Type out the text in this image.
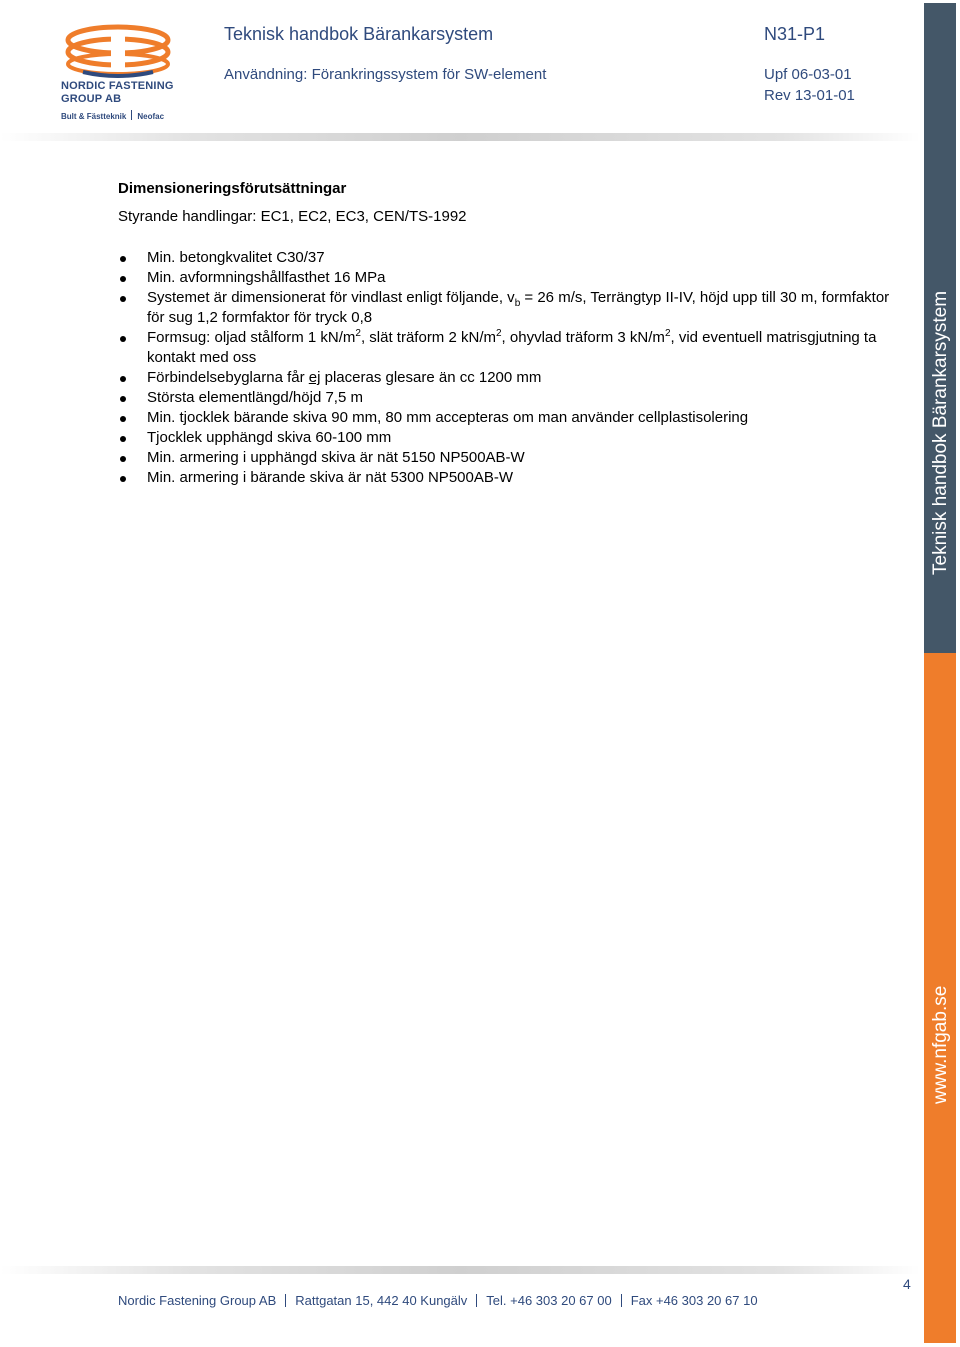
NORDIC FASTENING
GROUP AB
Bult & Fästteknik Neofac
Teknisk handbok Bärankarsystem	N31-P1
Användning: Förankringssystem för SW-element	Upf 06-03-01
Rev 13-01-01
Dimensioneringsförutsättningar
Styrande handlingar: EC1, EC2, EC3, CEN/TS-1992
Min. betongkvalitet C30/37
Min. avformningshållfasthet 16 MPa
Systemet är dimensionerat för vindlast enligt följande, $v_b = 26$ m/s, Terrängtyp II-IV, höjd upp till 30 m, formfaktor för sug 1,2 formfaktor för tryck 0,8
Formsug: oljad stålform 1 $kN/m^2$, slät träform 2 $kN/m^2$, ohyvlad träform 3 $kN/m^2$, vid eventuell matrisgjutning ta kontakt med oss
Förbindelsebyglarna får ej placeras glesare än cc 1200 mm
Största elementlängd/höjd 7,5 m
Min. tjocklek bärande skiva 90 mm, 80 mm accepteras om man använder cellplastisolering
Tjocklek upphängd skiva 60-100 mm
Min. armering i upphängd skiva är nät 5150 NP500AB-W
Min. armering i bärande skiva är nät 5300 NP500AB-W	Teknisk handbok Bärankarsystem
www.nfgab.se
4
Nordic Fastening Group AB Rattgatan 15, 442 40 Kungälv Tel. +46 303 20 67 00 Fax +46 303 20 67 10
